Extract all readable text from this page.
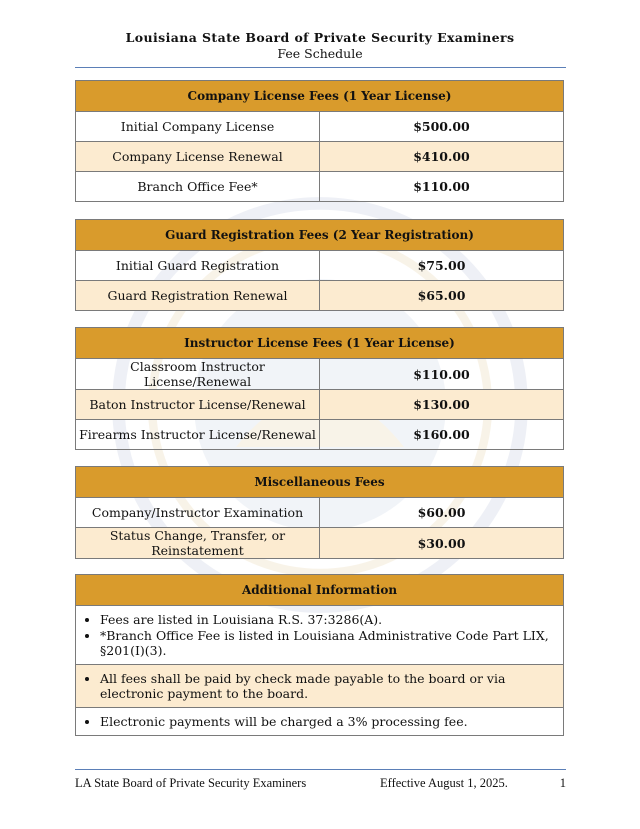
Louisiana State Board of Private Security Examiners
Fee Schedule
Company License Fees (1 Year License)	
Initial Company License	$500.00
Company License Renewal	$410.00
Branch Office Fee*	$110.00
Guard Registration Fees (2 Year Registration)	
Initial Guard Registration	$75.00
Guard Registration Renewal	$65.00
Instructor License Fees (1 Year License)	
Classroom Instructor License/Renewal	$110.00
Baton Instructor License/Renewal	$130.00
Firearms Instructor License/Renewal	$160.00
Miscellaneous Fees	
Company/Instructor Examination	$60.00
Status Change, Transfer, or Reinstatement	$30.00
Additional Information

• Fees are listed in Louisiana R.S. 37:3286(A).
• *Branch Office Fee is listed in Louisiana Administrative Code Part LIX, §201(I)(3).

• All fees shall be paid by check made payable to the board or via electronic payment to the board.

• Electronic payments will be charged a 3% processing fee.
LA State Board of Private Security Examiners	Effective August 1, 2025.	1
